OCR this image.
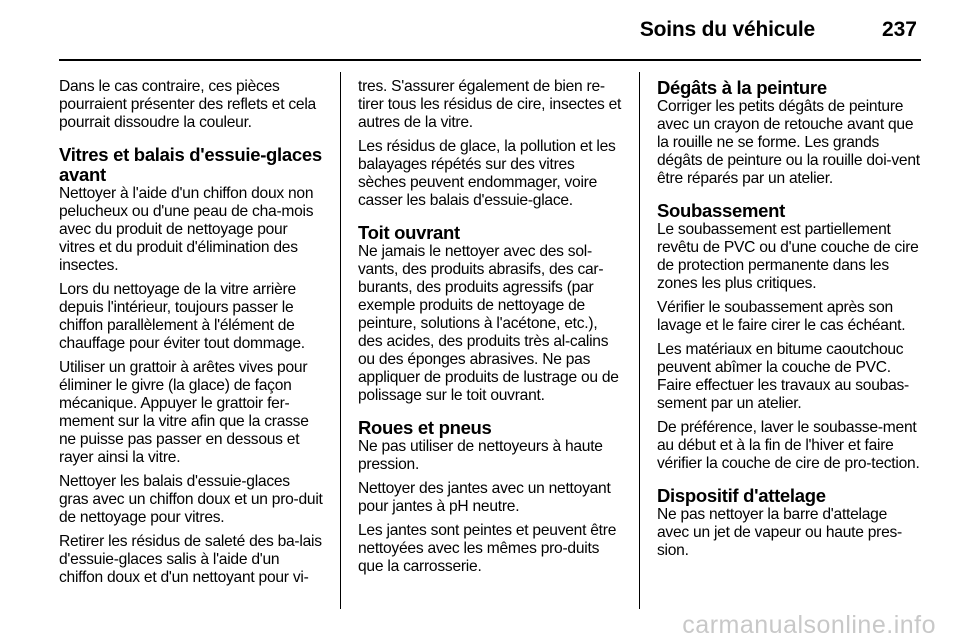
Soins du véhicule	237

Dans le cas contraire, ces pièces pourraient présenter des reflets et cela pourrait dissoudre la couleur.

Vitres et balais d'essuie-glaces avant

Nettoyer à l'aide d'un chiffon doux non pelucheux ou d'une peau de cha-mois avec du produit de nettoyage pour vitres et du produit d'élimination des insectes.

Lors du nettoyage de la vitre arrière depuis l'intérieur, toujours passer le chiffon parallèlement à l'élément de chauffage pour éviter tout dommage.

Utiliser un grattoir à arêtes vives pour éliminer le givre (la glace) de façon mécanique. Appuyer le grattoir fer-mement sur la vitre afin que la crasse ne puisse pas passer en dessous et rayer ainsi la vitre.

Nettoyer les balais d'essuie-glaces gras avec un chiffon doux et un pro-duit de nettoyage pour vitres.

Retirer les résidus de saleté des ba-lais d'essuie-glaces salis à l'aide d'un chiffon doux et d'un nettoyant pour vi-

tres. S'assurer également de bien re-tirer tous les résidus de cire, insectes et autres de la vitre.

Les résidus de glace, la pollution et les balayages répétés sur des vitres sèches peuvent endommager, voire casser les balais d'essuie-glace.

Toit ouvrant

Ne jamais le nettoyer avec des sol-vants, des produits abrasifs, des car-burants, des produits agressifs (par exemple produits de nettoyage de peinture, solutions à l'acétone, etc.), des acides, des produits très al-calins ou des éponges abrasives. Ne pas appliquer de produits de lustrage ou de polissage sur le toit ouvrant.

Roues et pneus

Ne pas utiliser de nettoyeurs à haute pression.

Nettoyer des jantes avec un nettoyant pour jantes à pH neutre.

Les jantes sont peintes et peuvent être nettoyées avec les mêmes pro-duits que la carrosserie.

Dégâts à la peinture

Corriger les petits dégâts de peinture avec un crayon de retouche avant que la rouille ne se forme. Les grands dégâts de peinture ou la rouille doi-vent être réparés par un atelier.

Soubassement

Le soubassement est partiellement revêtu de PVC ou d'une couche de cire de protection permanente dans les zones les plus critiques.

Vérifier le soubassement après son lavage et le faire cirer le cas échéant.

Les matériaux en bitume caoutchouc peuvent abîmer la couche de PVC. Faire effectuer les travaux au soubas-sement par un atelier.

De préférence, laver le soubasse-ment au début et à la fin de l'hiver et faire vérifier la couche de cire de pro-tection.

Dispositif d'attelage

Ne pas nettoyer la barre d'attelage avec un jet de vapeur ou haute pres-sion.

carmanualsonline.info
